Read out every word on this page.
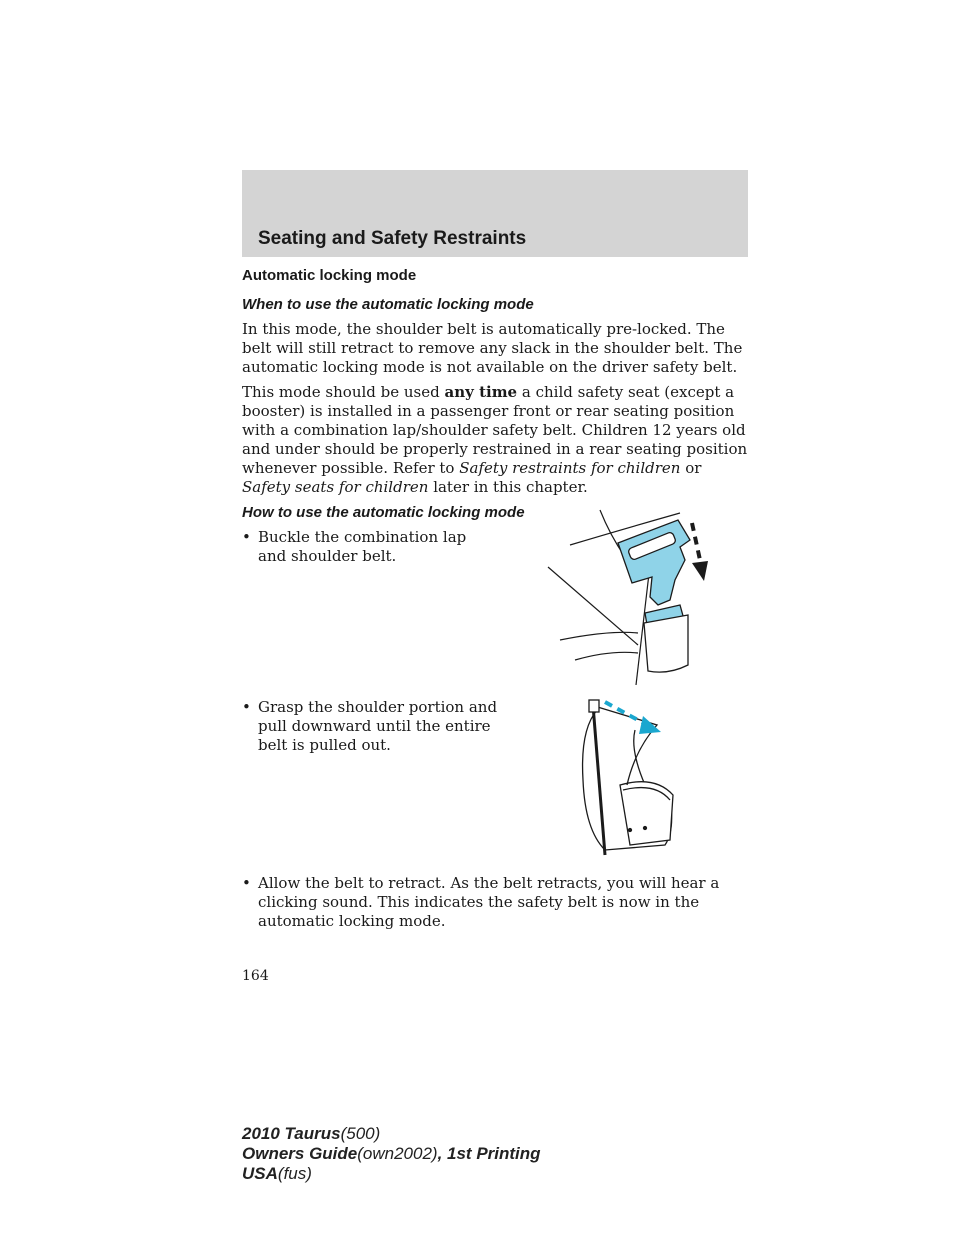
Seating and Safety Restraints
Automatic locking mode
When to use the automatic locking mode

In this mode, the shoulder belt is automatically pre-locked. The belt will still retract to remove any slack in the shoulder belt. The automatic locking mode is not available on the driver safety belt.

This mode should be used any time a child safety seat (except a booster) is installed in a passenger front or rear seating position with a combination lap/shoulder safety belt. Children 12 years old and under should be properly restrained in a rear seating position whenever possible. Refer to Safety restraints for children or Safety seats for children later in this chapter.

How to use the automatic locking mode
• Buckle the combination lap and shoulder belt.
• Grasp the shoulder portion and pull downward until the entire belt is pulled out.
• Allow the belt to retract. As the belt retracts, you will hear a clicking sound. This indicates the safety belt is now in the automatic locking mode.
164
2010 Taurus(500)
Owners Guide(own2002), 1st Printing
USA(fus)
